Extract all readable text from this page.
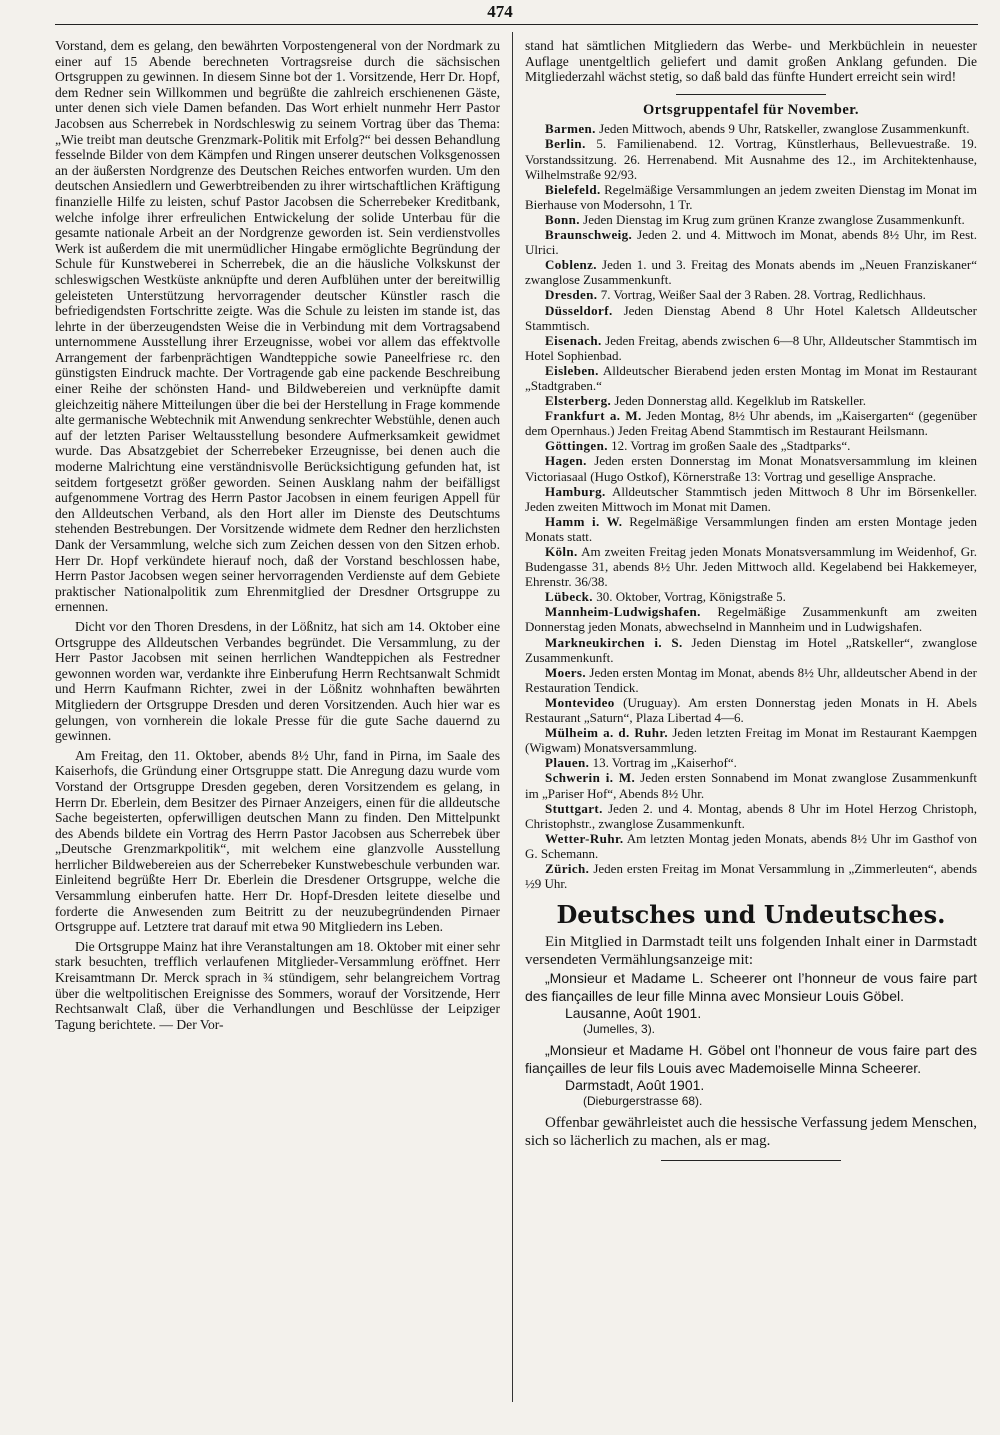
474

Vorstand, dem es gelang, den bewährten Vorpostengeneral von der Nordmark zu einer auf 15 Abende berechneten Vortragsreise durch die sächsischen Ortsgruppen zu gewinnen. In diesem Sinne bot der 1. Vorsitzende, Herr Dr. Hopf, dem Redner sein Willkommen und begrüßte die zahlreich erschienenen Gäste, unter denen sich viele Damen befanden. Das Wort erhielt nunmehr Herr Pastor Jacobsen aus Scherrebek in Nordschleswig zu seinem Vortrag über das Thema: „Wie treibt man deutsche Grenzmark-Politik mit Erfolg?“ bei dessen Behandlung fesselnde Bilder von dem Kämpfen und Ringen unserer deutschen Volksgenossen an der äußersten Nordgrenze des Deutschen Reiches entworfen wurden. Um den deutschen Ansiedlern und Gewerbtreibenden zu ihrer wirtschaftlichen Kräftigung finanzielle Hilfe zu leisten, schuf Pastor Jacobsen die Scherrebeker Kreditbank, welche infolge ihrer erfreulichen Entwickelung der solide Unterbau für die gesamte nationale Arbeit an der Nordgrenze geworden ist. Sein verdienstvolles Werk ist außerdem die mit unermüdlicher Hingabe ermöglichte Begründung der Schule für Kunstweberei in Scherrebek, die an die häusliche Volkskunst der schleswigschen Westküste anknüpfte und deren Aufblühen unter der bereitwillig geleisteten Unterstützung hervorragender deutscher Künstler rasch die befriedigendsten Fortschritte zeigte. Was die Schule zu leisten im stande ist, das lehrte in der überzeugendsten Weise die in Verbindung mit dem Vortragsabend unternommene Ausstellung ihrer Erzeugnisse, wobei vor allem das effektvolle Arrangement der farbenprächtigen Wandteppiche sowie Paneelfriese rc. den günstigsten Eindruck machte. Der Vortragende gab eine packende Beschreibung einer Reihe der schönsten Hand- und Bildwebereien und verknüpfte damit gleichzeitig nähere Mitteilungen über die bei der Herstellung in Frage kommende alte germanische Webtechnik mit Anwendung senkrechter Webstühle, denen auch auf der letzten Pariser Weltausstellung besondere Aufmerksamkeit gewidmet wurde. Das Absatzgebiet der Scherrebeker Erzeugnisse, bei denen auch die moderne Malrichtung eine verständnisvolle Berücksichtigung gefunden hat, ist seitdem fortgesetzt größer geworden. Seinen Ausklang nahm der beifälligst aufgenommene Vortrag des Herrn Pastor Jacobsen in einem feurigen Appell für den Alldeutschen Verband, als den Hort aller im Dienste des Deutschtums stehenden Bestrebungen. Der Vorsitzende widmete dem Redner den herzlichsten Dank der Versammlung, welche sich zum Zeichen dessen von den Sitzen erhob. Herr Dr. Hopf verkündete hierauf noch, daß der Vorstand beschlossen habe, Herrn Pastor Jacobsen wegen seiner hervorragenden Verdienste auf dem Gebiete praktischer Nationalpolitik zum Ehrenmitglied der Dresdner Ortsgruppe zu ernennen.

Dicht vor den Thoren Dresdens, in der Lößnitz, hat sich am 14. Oktober eine Ortsgruppe des Alldeutschen Verbandes begründet. Die Versammlung, zu der Herr Pastor Jacobsen mit seinen herrlichen Wandteppichen als Festredner gewonnen worden war, verdankte ihre Einberufung Herrn Rechtsanwalt Schmidt und Herrn Kaufmann Richter, zwei in der Lößnitz wohnhaften bewährten Mitgliedern der Ortsgruppe Dresden und deren Vorsitzenden. Auch hier war es gelungen, von vornherein die lokale Presse für die gute Sache dauernd zu gewinnen.

Am Freitag, den 11. Oktober, abends 8½ Uhr, fand in Pirna, im Saale des Kaiserhofs, die Gründung einer Ortsgruppe statt. Die Anregung dazu wurde vom Vorstand der Ortsgruppe Dresden gegeben, deren Vorsitzendem es gelang, in Herrn Dr. Eberlein, dem Besitzer des Pirnaer Anzeigers, einen für die alldeutsche Sache begeisterten, opferwilligen deutschen Mann zu finden. Den Mittelpunkt des Abends bildete ein Vortrag des Herrn Pastor Jacobsen aus Scherrebek über „Deutsche Grenzmarkpolitik“, mit welchem eine glanzvolle Ausstellung herrlicher Bildwebereien aus der Scherrebeker Kunstwebeschule verbunden war. Einleitend begrüßte Herr Dr. Eberlein die Dresdener Ortsgruppe, welche die Versammlung einberufen hatte. Herr Dr. Hopf-Dresden leitete dieselbe und forderte die Anwesenden zum Beitritt zu der neuzubegründenden Pirnaer Ortsgruppe auf. Letztere trat darauf mit etwa 90 Mitgliedern ins Leben.

Die Ortsgruppe Mainz hat ihre Veranstaltungen am 18. Oktober mit einer sehr stark besuchten, trefflich verlaufenen Mitglieder-Versammlung eröffnet. Herr Kreisamtmann Dr. Merck sprach in ¾ stündigem, sehr belangreichem Vortrag über die weltpolitischen Ereignisse des Sommers, worauf der Vorsitzende, Herr Rechtsanwalt Claß, über die Verhandlungen und Beschlüsse der Leipziger Tagung berichtete. — Der Vor-

stand hat sämtlichen Mitgliedern das Werbe- und Merkbüchlein in neuester Auflage unentgeltlich geliefert und damit großen Anklang gefunden. Die Mitgliederzahl wächst stetig, so daß bald das fünfte Hundert erreicht sein wird!

Ortsgruppentafel für November.

Barmen. Jeden Mittwoch, abends 9 Uhr, Ratskeller, zwanglose Zusammenkunft.

Berlin. 5. Familienabend. 12. Vortrag, Künstlerhaus, Bellevuestraße. 19. Vorstandssitzung. 26. Herrenabend. Mit Ausnahme des 12., im Architektenhause, Wilhelmstraße 92/93.

Bielefeld. Regelmäßige Versammlungen an jedem zweiten Dienstag im Monat im Bierhause von Modersohn, 1 Tr.

Bonn. Jeden Dienstag im Krug zum grünen Kranze zwanglose Zusammenkunft.

Braunschweig. Jeden 2. und 4. Mittwoch im Monat, abends 8½ Uhr, im Rest. Ulrici.

Coblenz. Jeden 1. und 3. Freitag des Monats abends im „Neuen Franziskaner“ zwanglose Zusammenkunft.

Dresden. 7. Vortrag, Weißer Saal der 3 Raben. 28. Vortrag, Redlichhaus.

Düsseldorf. Jeden Dienstag Abend 8 Uhr Hotel Kaletsch Alldeutscher Stammtisch.

Eisenach. Jeden Freitag, abends zwischen 6—8 Uhr, Alldeutscher Stammtisch im Hotel Sophienbad.

Eisleben. Alldeutscher Bierabend jeden ersten Montag im Monat im Restaurant „Stadtgraben.“

Elsterberg. Jeden Donnerstag alld. Kegelklub im Ratskeller.

Frankfurt a. M. Jeden Montag, 8½ Uhr abends, im „Kaisergarten“ (gegenüber dem Opernhaus.) Jeden Freitag Abend Stammtisch im Restaurant Heilsmann.

Göttingen. 12. Vortrag im großen Saale des „Stadtparks“.

Hagen. Jeden ersten Donnerstag im Monat Monatsversammlung im kleinen Victoriasaal (Hugo Ostkof), Körnerstraße 13: Vortrag und gesellige Ansprache.

Hamburg. Alldeutscher Stammtisch jeden Mittwoch 8 Uhr im Börsenkeller. Jeden zweiten Mittwoch im Monat mit Damen.

Hamm i. W. Regelmäßige Versammlungen finden am ersten Montage jeden Monats statt.

Köln. Am zweiten Freitag jeden Monats Monatsversammlung im Weidenhof, Gr. Budengasse 31, abends 8½ Uhr. Jeden Mittwoch alld. Kegelabend bei Hakkemeyer, Ehrenstr. 36/38.

Lübeck. 30. Oktober, Vortrag, Königstraße 5.

Mannheim-Ludwigshafen. Regelmäßige Zusammenkunft am zweiten Donnerstag jeden Monats, abwechselnd in Mannheim und in Ludwigshafen.

Markneukirchen i. S. Jeden Dienstag im Hotel „Ratskeller“, zwanglose Zusammenkunft.

Moers. Jeden ersten Montag im Monat, abends 8½ Uhr, alldeutscher Abend in der Restauration Tendick.

Montevideo (Uruguay). Am ersten Donnerstag jeden Monats in H. Abels Restaurant „Saturn“, Plaza Libertad 4—6.

Mülheim a. d. Ruhr. Jeden letzten Freitag im Monat im Restaurant Kaempgen (Wigwam) Monatsversammlung.

Plauen. 13. Vortrag im „Kaiserhof“.

Schwerin i. M. Jeden ersten Sonnabend im Monat zwanglose Zusammenkunft im „Pariser Hof“, Abends 8½ Uhr.

Stuttgart. Jeden 2. und 4. Montag, abends 8 Uhr im Hotel Herzog Christoph, Christophstr., zwanglose Zusammenkunft.

Wetter-Ruhr. Am letzten Montag jeden Monats, abends 8½ Uhr im Gasthof von G. Schemann.

Zürich. Jeden ersten Freitag im Monat Versammlung in „Zimmerleuten“, abends ½9 Uhr.

Deutsches und Undeutsches.

Ein Mitglied in Darmstadt teilt uns folgenden Inhalt einer in Darmstadt versendeten Vermählungsanzeige mit:

„Monsieur et Madame L. Scheerer ont l’honneur de vous faire part des fiançailles de leur fille Minna avec Monsieur Louis Göbel.

Lausanne, Août 1901.

(Jumelles, 3).

„Monsieur et Madame H. Göbel ont l’honneur de vous faire part des fiançailles de leur fils Louis avec Mademoiselle Minna Scheerer.

Darmstadt, Août 1901.

(Dieburgerstrasse 68).

Offenbar gewährleistet auch die hessische Verfassung jedem Menschen, sich so lächerlich zu machen, als er mag.
